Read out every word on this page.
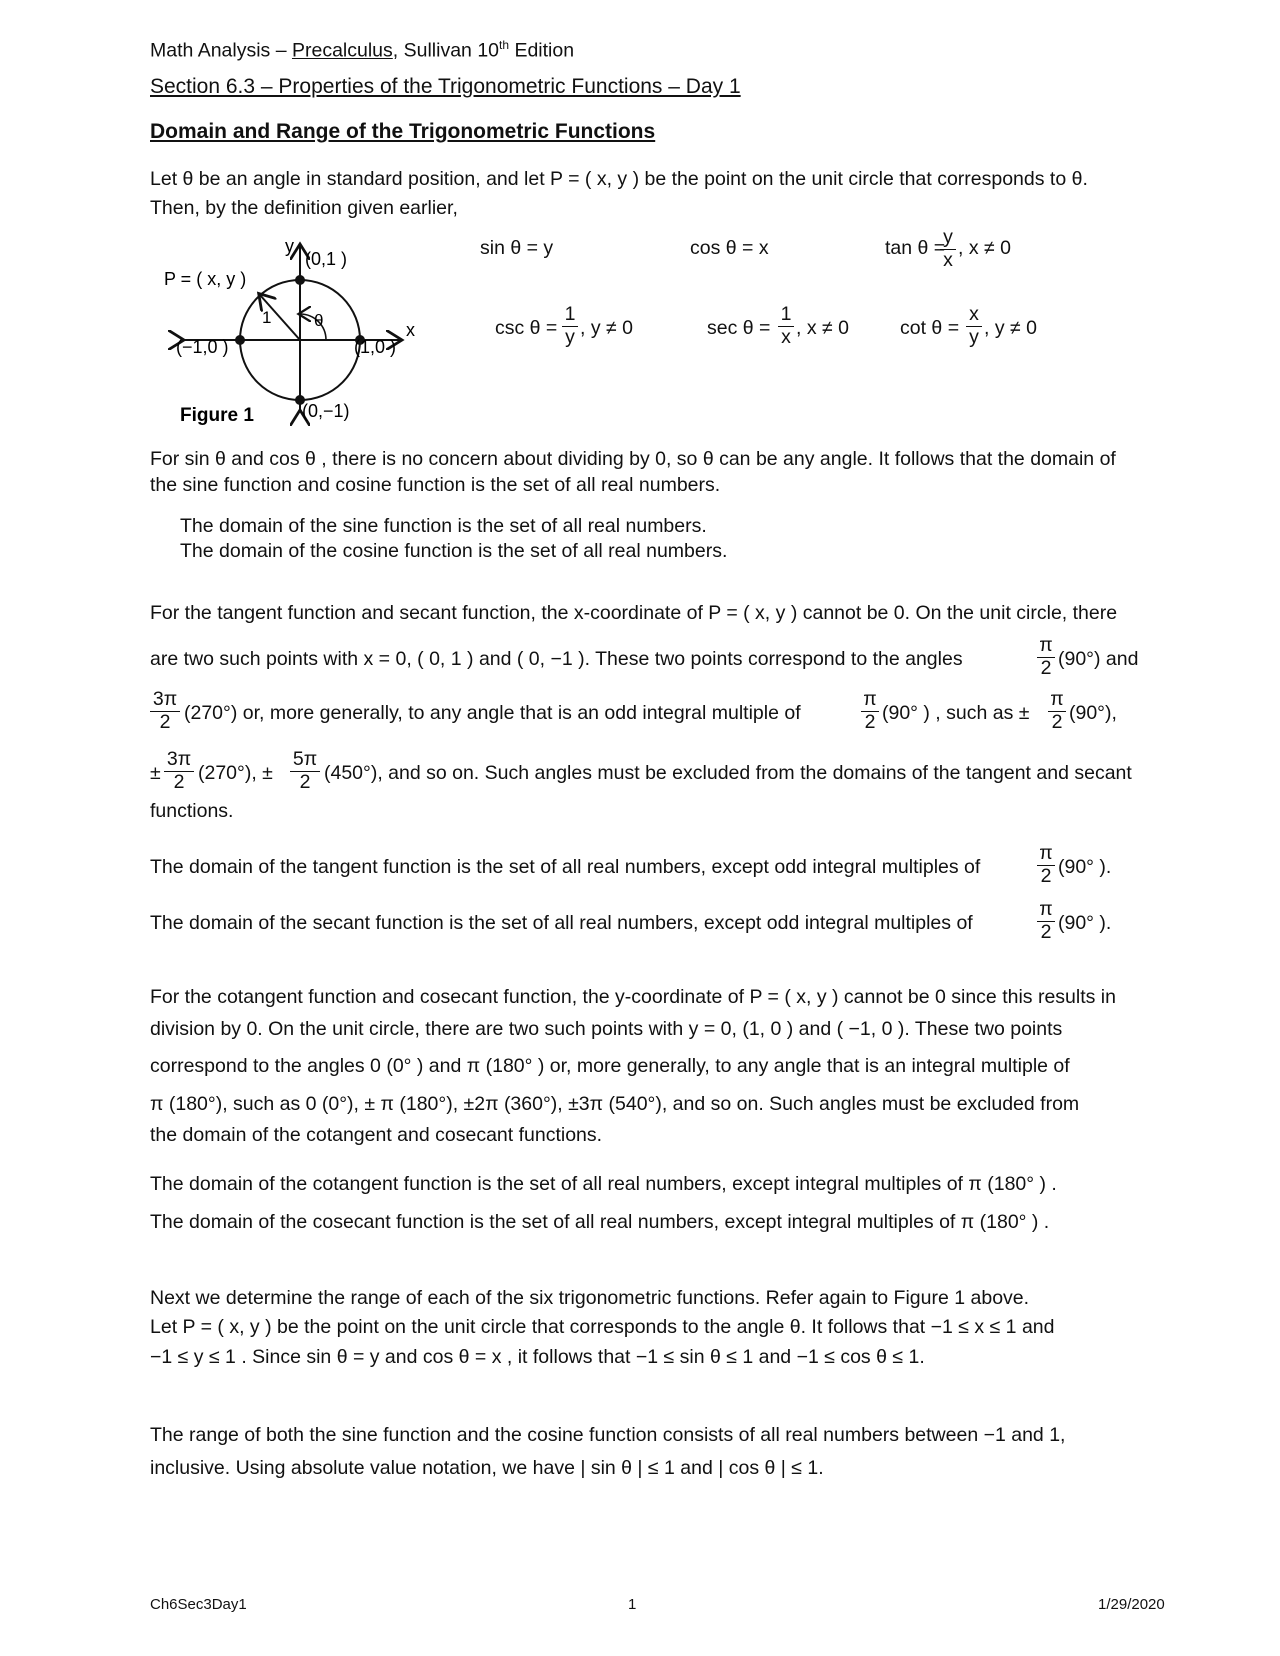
Math Analysis – Precalculus, Sullivan 10th Edition
Section 6.3 – Properties of the Trigonometric Functions – Day 1
Domain and Range of the Trigonometric Functions
Let θ be an angle in standard position, and let P = ( x, y ) be the point on the unit circle that corresponds to θ.
Then, by the definition given earlier,
sin θ = y	cos θ = x	tan θ =
$\frac{y}{x}$ , x ≠ 0
$\csc \theta = \frac{1}{y}$ , y ≠ 0	$\sec \theta = \frac{1}{x}$ , x ≠ 0	$\cot \theta = \frac{x}{y}$ , y ≠ 0
y
x
(0,1 )
P = ( x, y )
1	θ
(−1,0 )	(1,0 )
(0,−1)
Figure 1
For sin θ and cos θ , there is no concern about dividing by 0, so θ can be any angle. It follows that the domain of
the sine function and cosine function is the set of all real numbers.
The domain of the sine function is the set of all real numbers.
The domain of the cosine function is the set of all real numbers.
For the tangent function and secant function, the x-coordinate of P = ( x, y ) cannot be 0. On the unit circle, there
are two such points with x = 0, ( 0, 1 ) and ( 0, −1 ). These two points correspond to the angles	$\frac{\pi}{2} (90^\circ)$ and
$\frac{3\pi}{2} (270^\circ)$ or, more generally, to any angle that is an odd integral multiple of	$\frac{\pi}{2} (90^\circ$ ) , such as ± $\frac{\pi}{2} (90^\circ)$,
± $\frac{3\pi}{2} (270^\circ)$, ± $\frac{5\pi}{2} (450^\circ)$, and so on. Such angles must be excluded from the domains of the tangent and secant
functions.
The domain of the tangent function is the set of all real numbers, except odd integral multiples of	$\frac{\pi}{2} (90^\circ$ ).
The domain of the secant function is the set of all real numbers, except odd integral multiples of	$\frac{\pi}{2} (90^\circ$ ).
For the cotangent function and cosecant function, the y-coordinate of P = ( x, y ) cannot be 0 since this results in
division by 0. On the unit circle, there are two such points with y = 0, (1, 0 ) and ( −1, 0 ). These two points
correspond to the angles 0 (0° ) and π (180° ) or, more generally, to any angle that is an integral multiple of
π (180°), such as 0 (0°), ± π (180°), ±2π (360°), ±3π (540°), and so on. Such angles must be excluded from
the domain of the cotangent and cosecant functions.
The domain of the cotangent function is the set of all real numbers, except integral multiples of π (180° ) .
The domain of the cosecant function is the set of all real numbers, except integral multiples of π (180° ) .
Next we determine the range of each of the six trigonometric functions. Refer again to Figure 1 above.
Let P = ( x, y ) be the point on the unit circle that corresponds to the angle θ. It follows that −1 ≤ x ≤ 1 and
−1 ≤ y ≤ 1 . Since sin θ = y and cos θ = x , it follows that −1 ≤ sin θ ≤ 1 and −1 ≤ cos θ ≤ 1.
The range of both the sine function and the cosine function consists of all real numbers between −1 and 1,
inclusive. Using absolute value notation, we have | sin θ | ≤ 1 and | cos θ | ≤ 1.
Ch6Sec3Day1	1	1/29/2020
